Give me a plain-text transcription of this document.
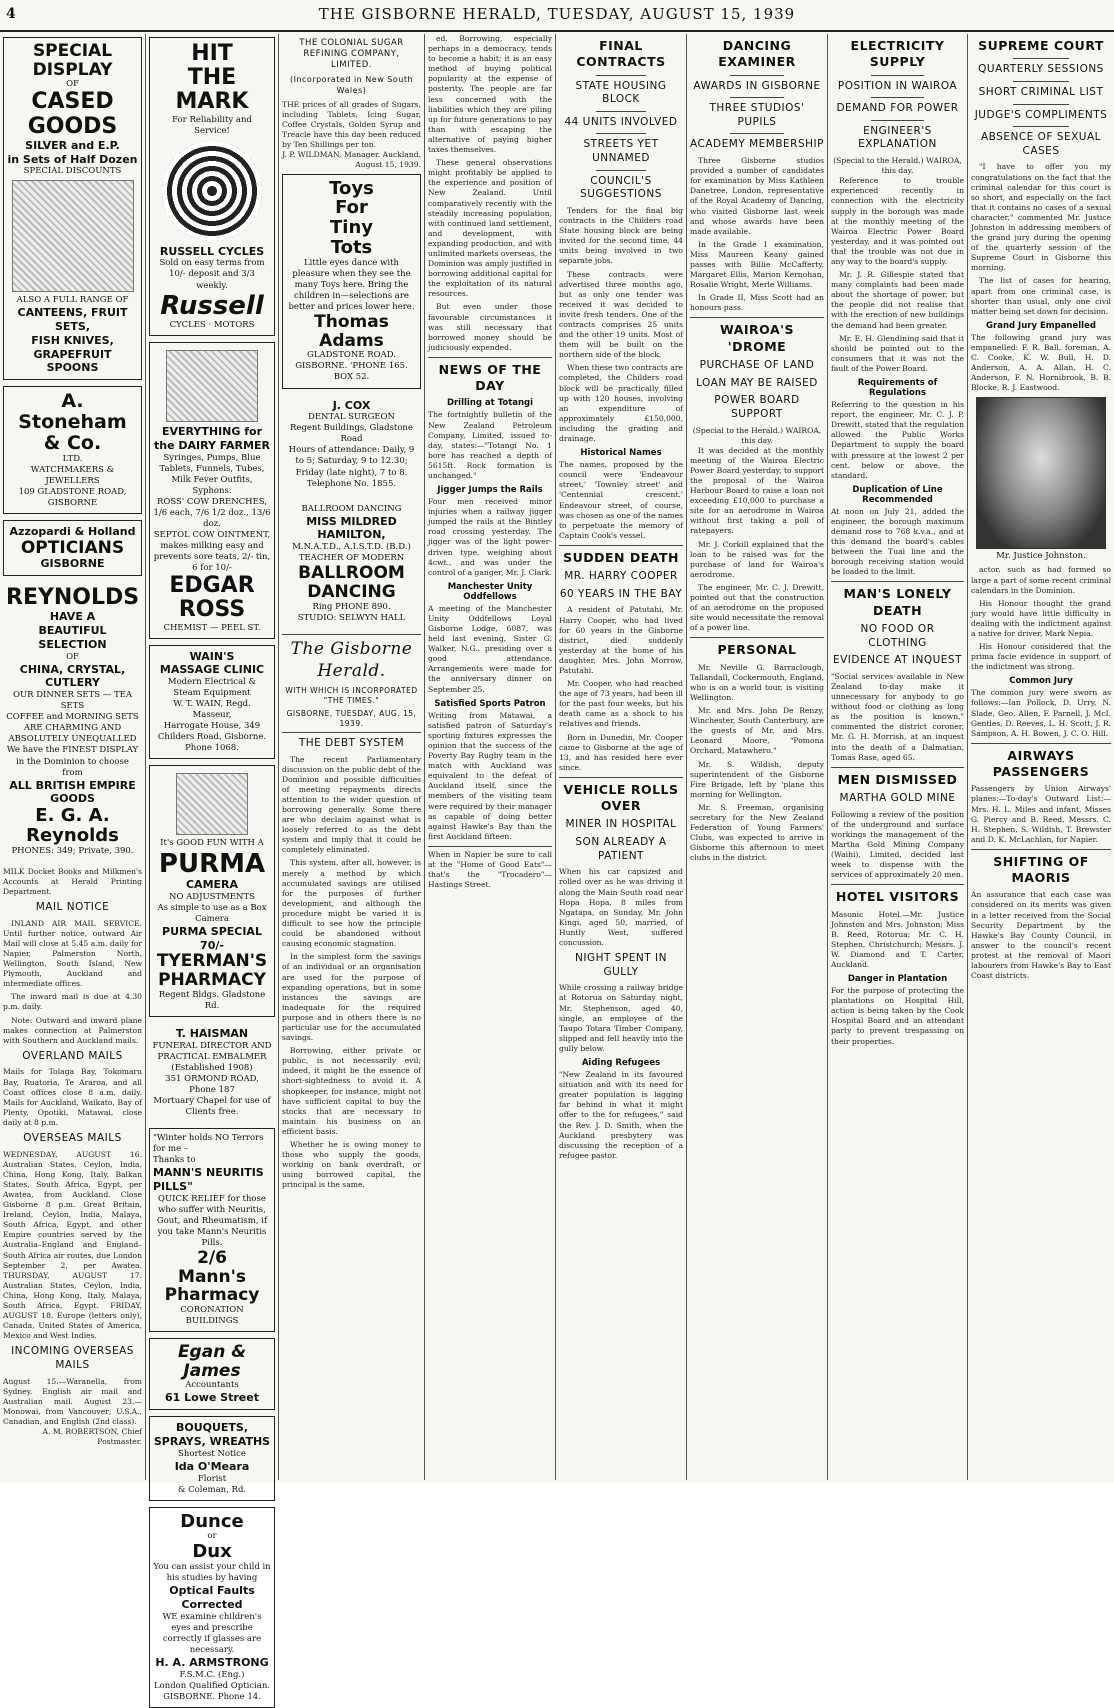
4	THE GISBORNE HERALD, TUESDAY, AUGUST 15, 1939
SPECIAL DISPLAY
OF
CASED GOODS
SILVER and E.P.
in Sets of Half Dozen
SPECIAL DISCOUNTS
ALSO A FULL RANGE OF
CANTEENS, FRUIT SETS,
FISH KNIVES,
GRAPEFRUIT SPOONS
A. Stoneham & Co.
LTD.
WATCHMAKERS & JEWELLERS
109 GLADSTONE ROAD, GISBORNE
Azzopardi & Holland
OPTICIANS
GISBORNE
REYNOLDS
HAVE A
BEAUTIFUL SELECTION
OF
CHINA, CRYSTAL, CUTLERY
OUR DINNER SETS — TEA SETS
COFFEE and MORNING SETS
ARE CHARMING AND ABSOLUTELY UNEQUALLED
We have the FINEST DISPLAY in the Dominion to choose from
ALL BRITISH EMPIRE GOODS
E. G. A. Reynolds
PHONES: 349; Private, 390.
MILK Docket Books and Milkmen's Accounts at Herald Printing Department.
MAIL NOTICE

INLAND AIR MAIL SERVICE. Until further notice, outward Air Mail will close at 5.45 a.m. daily for Napier, Palmerston North, Wellington, South Island, New Plymouth, Auckland and intermediate offices.

The inward mail is due at 4.30 p.m. daily.

Note: Outward and inward plane makes connection at Palmerston with Southern and Auckland mails.

OVERLAND MAILS
Mails for Tolaga Bay, Tokomaru Bay, Ruatoria, Te Araroa, and all Coast offices close 8 a.m. daily. Mails for Auckland, Waikato, Bay of Plenty, Opotiki, Matawai, close daily at 8 p.m.
OVERSEAS MAILS
WEDNESDAY, AUGUST 16. Australian States, Ceylon, India, China, Hong Kong, Italy, Balkan States, South Africa, Egypt, per Awatea, from Auckland. Close Gisborne 8 p.m. Great Britain, Ireland, Ceylon, India, Malaya, South Africa, Egypt, and other Empire countries served by the Australia–England and England–South Africa air routes, due London September 2, per Awatea. THURSDAY, AUGUST 17. Australian States, Ceylon, India, China, Hong Kong, Italy, Malaya, South Africa, Egypt. FRIDAY, AUGUST 18. Europe (letters only), Canada, United States of America, Mexico and West Indies.
INCOMING OVERSEAS MAILS
August 15.—Waranella, from Sydney. English air mail and Australian mail. August 23.—Monowai, from Vancouver; U.S.A., Canadian, and English (2nd class).
A. M. ROBERTSON, Chief Postmaster.
HIT
THE
MARK
For Reliability and Service!
RUSSELL CYCLES
Sold on easy terms from 10/- deposit and 3/3 weekly.
Russell
CYCLES · MOTORS
EVERYTHING for the DAIRY FARMER
Syringes, Pumps, Blue Tablets, Funnels, Tubes, Milk Fever Outfits, Syphons.
ROSS' COW DRENCHES, 1/6 each, 7/6 1/2 doz., 13/6 doz.
SEPTOL COW OINTMENT, makes milking easy and prevents sore teats, 2/- tin, 6 for 10/-
EDGAR ROSS
CHEMIST — PEEL ST.
WAIN'S
MASSAGE CLINIC
Modern Electrical & Steam Equipment
W. T. WAIN, Regd. Masseur,
Harrogate House, 349 Childers Road, Gisborne. Phone 1068.
It's GOOD FUN WITH A
PURMA
CAMERA
NO ADJUSTMENTS
As simple to use as a Box Camera
PURMA SPECIAL 70/-
TYERMAN'S PHARMACY
Regent Bldgs. Gladstone Rd.
T. HAISMAN
FUNERAL DIRECTOR AND PRACTICAL EMBALMER
(Established 1908)
351 ORMOND ROAD, Phone 187
Mortuary Chapel for use of Clients free.
"Winter holds NO Terrors for me –
Thanks to
MANN'S NEURITIS PILLS"
QUICK RELIEF for those who suffer with Neuritis, Gout, and Rheumatism, if you take Mann's Neuritis Pills.
2/6
Mann's Pharmacy
CORONATION BUILDINGS
Egan & James
Accountants
61 Lowe Street
BOUQUETS, SPRAYS, WREATHS
Shortest Notice
Ida O'Meara
Florist
& Coleman, Rd.
Dunce
or
Dux
You can assist your child in his studies by having
Optical Faults Corrected
WE examine children's eyes and prescribe correctly if glasses are necessary.
H. A. ARMSTRONG
F.S.M.C. (Eng.)
London Qualified Optician.
GISBORNE. Phone 14.
THE COLONIAL SUGAR REFINING COMPANY, LIMITED.
(Incorporated in New South Wales)
THE prices of all grades of Sugars, including Tablets, Icing Sugar, Coffee Crystals, Golden Syrup and Treacle have this day been reduced by Ten Shillings per ton.
J. P. WILDMAN, Manager. Auckland, August 15, 1939.
Toys
For
Tiny
Tots
Little eyes dance with pleasure when they see the many Toys here. Bring the children in—selections are better and prices lower here.
Thomas Adams
GLADSTONE ROAD. GISBORNE. 'PHONE 165. BOX 52.
J. COX
DENTAL SURGEON
Regent Buildings, Gladstone Road
Hours of attendance: Daily, 9 to 5; Saturday, 9 to 12.30; Friday (late night), 7 to 8. Telephone No. 1855.
BALLROOM DANCING
MISS MILDRED HAMILTON,
M.N.A.T.D., A.I.S.T.D. (B.D.)
TEACHER OF MODERN
BALLROOM DANCING
Ring PHONE 890.
STUDIO: SELWYN HALL
The Gisborne Herald.
WITH WHICH IS INCORPORATED "THE TIMES."
GISBORNE, TUESDAY, AUG. 15, 1939.
THE DEBT SYSTEM

The recent Parliamentary discussion on the public debt of the Dominion and possible difficulties of meeting repayments directs attention to the wider question of borrowing generally. Some there are who declaim against what is loosely referred to as the debt system and imply that it could be completely eliminated.

This system, after all, however, is merely a method by which accumulated savings are utilised for the purposes of further development, and although the procedure might be varied it is difficult to see how the principle could be abandoned without causing economic stagnation.

In the simplest form the savings of an individual or an organisation are used for the purpose of expanding operations, but in some instances the savings are inadequate for the required purpose and in others there is no particular use for the accumulated savings.

Borrowing, either private or public, is not necessarily evil; indeed, it might be the essence of short-sightedness to avoid it. A shopkeeper, for instance, might not have sufficient capital to buy the stocks that are necessary to maintain his business on an efficient basis.

Whether he is owing money to those who supply the goods, working on bank overdraft, or using borrowed capital, the principal is the same.

ed. Borrowing, especially perhaps in a democracy, tends to become a habit; it is an easy method of buying political popularity at the expense of posterity. The people are far less concerned with the liabilities which they are piling up for future generations to pay than with escaping the alternative of paying higher taxes themselves.

These general observations might profitably be applied to the experience and position of New Zealand. Until comparatively recently with the steadily increasing population, with continued land settlement, and development, with expanding production, and with unlimited markets overseas, the Dominion was amply justified in borrowing additional capital for the exploitation of its natural resources.

But even under those favourable circumstances it was still necessary that borrowed money should be judiciously expended.

NEWS OF THE DAY
Drilling at Totangi
The fortnightly bulletin of the New Zealand Petroleum Company, Limited, issued to-day, states:—"Totangi No. 1 bore has reached a depth of 5615ft. Rock formation is unchanged."
Jigger Jumps the Rails
Four men received minor injuries when a railway jigger jumped the rails at the Bintley road crossing yesterday. The jigger was of the light power-driven type, weighing about 4cwt., and was under the control of a ganger, Mr. J. Clark.
Manchester Unity Oddfellows
A meeting of the Manchester Unity Oddfellows Loyal Gisborne Lodge, 6087, was held last evening, Sister G. Walker, N.G., presiding over a good attendance. Arrangements were made for the anniversary dinner on September 25.
Satisfied Sports Patron
Writing from Matawai, a satisfied patron of Saturday's sporting fixtures expresses the opinion that the success of the Poverty Bay Rugby team in the match with Auckland was equivalent to the defeat of Auckland itself, since the members of the visiting team were required by their manager as capable of doing better against Hawke's Bay than the first Auckland fifteen.
When in Napier be sure to call at the "Home of Good Eats"—that's the "Trocadero"—Hastings Street.
FINAL CONTRACTS
STATE HOUSING BLOCK
44 UNITS INVOLVED
STREETS YET UNNAMED
COUNCIL'S SUGGESTIONS

Tenders for the final big contracts in the Childers road State housing block are being invited for the second time, 44 units being involved in two separate jobs.

These contracts were advertised three months ago, but as only one tender was received it was decided to invite fresh tenders. One of the contracts comprises 25 units and the other 19 units. Most of them will be built on the northern side of the block.

When these two contracts are completed, the Childers road block will be practically filled up with 120 houses, involving an expenditure of approximately £150,000, including the grading and drainage.

Historical Names
The names, proposed by the council were 'Endeavour street,' 'Townley street' and 'Centennial crescent.' Endeavour street, of course, was chosen as one of the names to perpetuate the memory of Captain Cook's vessel.
SUDDEN DEATH
MR. HARRY COOPER
60 YEARS IN THE BAY

A resident of Patutahi, Mr. Harry Cooper, who had lived for 60 years in the Gisborne district, died suddenly yesterday at the home of his daughter, Mrs. John Morrow, Patutahi.

Mr. Cooper, who had reached the age of 73 years, had been ill for the past four weeks, but his death came as a shock to his relatives and friends.

Born in Dunedin, Mr. Cooper came to Gisborne at the age of 13, and has resided here ever since.

VEHICLE ROLLS OVER
MINER IN HOSPITAL
SON ALREADY A PATIENT
When his car capsized and rolled over as he was driving it along the Main South road near Hopa Hopa, 8 miles from Ngatapa, on Sunday, Mr. John Kingi, aged 50, married, of Huntly West, suffered concussion.
NIGHT SPENT IN GULLY
While crossing a railway bridge at Rotorua on Saturday night, Mr. Stephenson, aged 40, single, an employee of the Taupo Totara Timber Company, slipped and fell heavily into the gully below.
Aiding Refugees
"New Zealand in its favoured situation and with its need for greater population is lagging far behind in what it might offer to the for refugees," said the Rev. J. D. Smith, when the Auckland presbytery was discussing the reception of a refugee pastor.
DANCING EXAMINER
AWARDS IN GISBORNE
THREE STUDIOS' PUPILS
ACADEMY MEMBERSHIP

Three Gisborne studios provided a number of candidates for examination by Miss Kathleen Danetree, London, representative of the Royal Academy of Dancing, who visited Gisborne last week and whose awards have been made available.

In the Grade I examination, Miss Maureen Keany gained passes with Billie McCafferty, Margaret Ellis, Marion Kernohan, Rosalie Wright, Merle Williams.

In Grade II, Miss Scott had an honours pass.

WAIROA'S 'DROME
PURCHASE OF LAND
LOAN MAY BE RAISED
POWER BOARD SUPPORT
(Special to the Herald.) WAIROA, this day.

It was decided at the monthly meeting of the Wairoa Electric Power Board yesterday, to support the proposal of the Wairoa Harbour Board to raise a loan not exceeding £10,000 to purchase a site for an aerodrome in Wairoa without first taking a poll of ratepayers.

Mr. J. Corkill explained that the loan to be raised was for the purchase of land for Wairoa's aerodrome.

The engineer, Mr. C. J. Drewitt, pointed out that the construction of an aerodrome on the proposed site would necessitate the removal of a power line.

PERSONAL

Mr. Neville G. Barraclough, Tallandall, Cockermouth, England, who is on a world tour, is visiting Wellington.

Mr. and Mrs. John De Renzy, Winchester, South Canterbury, are the guests of Mr. and Mrs. Leonard Moore, "Pomona Orchard, Matawhero."

Mr. S. Wildish, deputy superintendent of the Gisborne Fire Brigade, left by 'plane this morning for Wellington.

Mr. S. Freeman, organising secretary for the New Zealand Federation of Young Farmers' Clubs, was expected to arrive in Gisborne this afternoon to meet clubs in the district.

ELECTRICITY SUPPLY
POSITION IN WAIROA
DEMAND FOR POWER
ENGINEER'S EXPLANATION
(Special to the Herald.) WAIROA, this day.

Reference to trouble experienced recently in connection with the electricity supply in the borough was made at the monthly meeting of the Wairoa Electric Power Board yesterday, and it was pointed out that the trouble was not due in any way to the board's supply.

Mr. J. R. Gillespie stated that many complaints had been made about the shortage of power, but the people did not realise that with the erection of new buildings the demand had been greater.

Mr. E. H. Glendining said that it should be pointed out to the consumers that it was not the fault of the Power Board.

Requirements of Regulations
Referring to the question in his report, the engineer, Mr. C. J. P. Drewitt, stated that the regulation allowed the Public Works Department to supply the board with pressure at the lowest 2 per cent. below or above, the standard.
Duplication of Line Recommended
At noon on July 21, added the engineer, the borough maximum demand rose to 768 k.v.a., and at this demand the board's cables between the Tuai line and the borough receiving station would be loaded to the limit.
MAN'S LONELY DEATH
NO FOOD OR CLOTHING
EVIDENCE AT INQUEST
"Social services available in New Zealand to-day make it unnecessary for anybody to go without food or clothing as long as the position is known," commented the district coroner, Mr. G. H. Morrish, at an inquest into the death of a Dalmatian, Tomas Rase, aged 65.
MEN DISMISSED
MARTHA GOLD MINE
Following a review of the position of the underground and surface workings the management of the Martha Gold Mining Company (Waihi), Limited, decided last week to dispense with the services of approximately 20 men.
HOTEL VISITORS
Masonic Hotel.—Mr. Justice Johnston and Mrs. Johnston; Miss B. Reed, Rotorua; Mr. C. H. Stephen, Christchurch; Messrs. J. W. Diamond and T. Carter, Auckland.
Danger in Plantation
For the purpose of protecting the plantations on Hospital Hill, action is being taken by the Cook Hospital Board and an attendant party to prevent trespassing on their properties.
SUPREME COURT
QUARTERLY SESSIONS
SHORT CRIMINAL LIST
JUDGE'S COMPLIMENTS
ABSENCE OF SEXUAL CASES

"I have to offer you my congratulations on the fact that the criminal calendar for this court is so short, and especially on the fact that it contains no cases of a sexual character," commented Mr. Justice Johnston in addressing members of the grand jury during the opening of the quarterly session of the Supreme Court in Gisborne this morning.

The list of cases for hearing, apart from one criminal case, is shorter than usual, only one civil matter being set down for decision.

Grand Jury Empanelled
The following grand jury was empanelled: F. R. Ball, foreman, A. C. Cooke, K. W. Bull, H. D. Anderson, A. A. Allan, H. C. Anderson, F. N. Hornibrook, B. B. Blocke, R. J. Eastwood.
Mr. Justice Johnston.

actor, such as had formed so large a part of some recent criminal calendars in the Dominion.

His Honour thought the grand jury would have little difficulty in dealing with the indictment against a native for driver, Mark Nepia.

His Honour considered that the prima facie evidence in support of the indictment was strong.

Common Jury
The common jury were sworn as follows:—Ian Pollock, D. Urry, N. Slade, Geo. Allen, F. Parnell, J. McI. Gentles, D. Reeves, L. H. Scott, J. R. Sampson, A. H. Bowen, J. C. O. Hill.
AIRWAYS PASSENGERS
Passengers by Union Airways' planes:—To-day's Outward List:—Mrs. H. L. Miles and infant, Misses G. Piercy and B. Reed, Messrs. C. H. Stephen, S. Wildish, T. Brewster and D. K. McLachlan, for Napier.
SHIFTING OF MAORIS
An assurance that each case was considered on its merits was given in a letter received from the Social Security Department by the Hawke's Bay County Council, in answer to the council's recent protest at the removal of Maori labourers from Hawke's Bay to East Coast districts.
